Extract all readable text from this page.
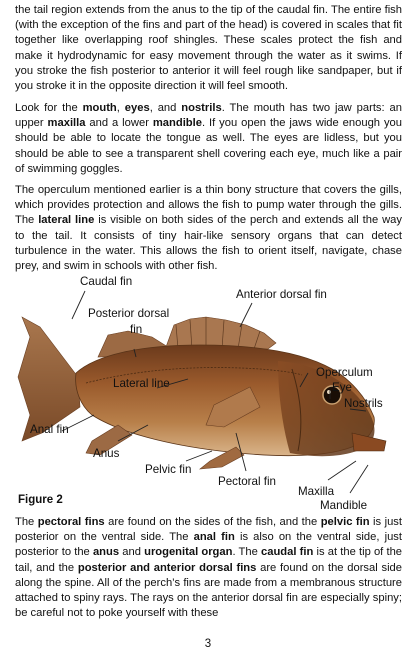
the tail region extends from the anus to the tip of the caudal fin. The entire fish (with the exception of the fins and part of the head) is covered in scales that fit together like overlapping roof shingles. These scales protect the fish and make it hydrodynamic for easy movement through the water as it swims. If you stroke the fish posterior to anterior it will feel rough like sandpaper, but if you stroke it in the opposite direction it will feel smooth.

Look for the mouth, eyes, and nostrils. The mouth has two jaw parts: an upper maxilla and a lower mandible. If you open the jaws wide enough you should be able to locate the tongue as well. The eyes are lidless, but you should be able to see a transparent shell covering each eye, much like a pair of swimming goggles.

The operculum mentioned earlier is a thin bony structure that covers the gills, which provides protection and allows the fish to pump water through the gills. The lateral line is visible on both sides of the perch and extends all the way to the tail. It consists of tiny hair-like sensory organs that can detect turbulence in the water. This allows the fish to orient itself, navigate, chase prey, and swim in schools with other fish.

Caudal fin
Posterior dorsal
fin
Anterior dorsal fin
Lateral line
Operculum
Eye
Nostrils
Anal fin
Anus
Pelvic fin
Pectoral fin
Maxilla
Mandible
Figure 2

The pectoral fins are found on the sides of the fish, and the pelvic fin is just posterior on the ventral side. The anal fin is also on the ventral side, just posterior to the anus and urogenital organ. The caudal fin is at the tip of the tail, and the posterior and anterior dorsal fins are found on the dorsal side along the spine. All of the perch’s fins are made from a membranous structure attached to spiny rays. The rays on the anterior dorsal fin are especially spiny; be careful not to poke yourself with these

3
